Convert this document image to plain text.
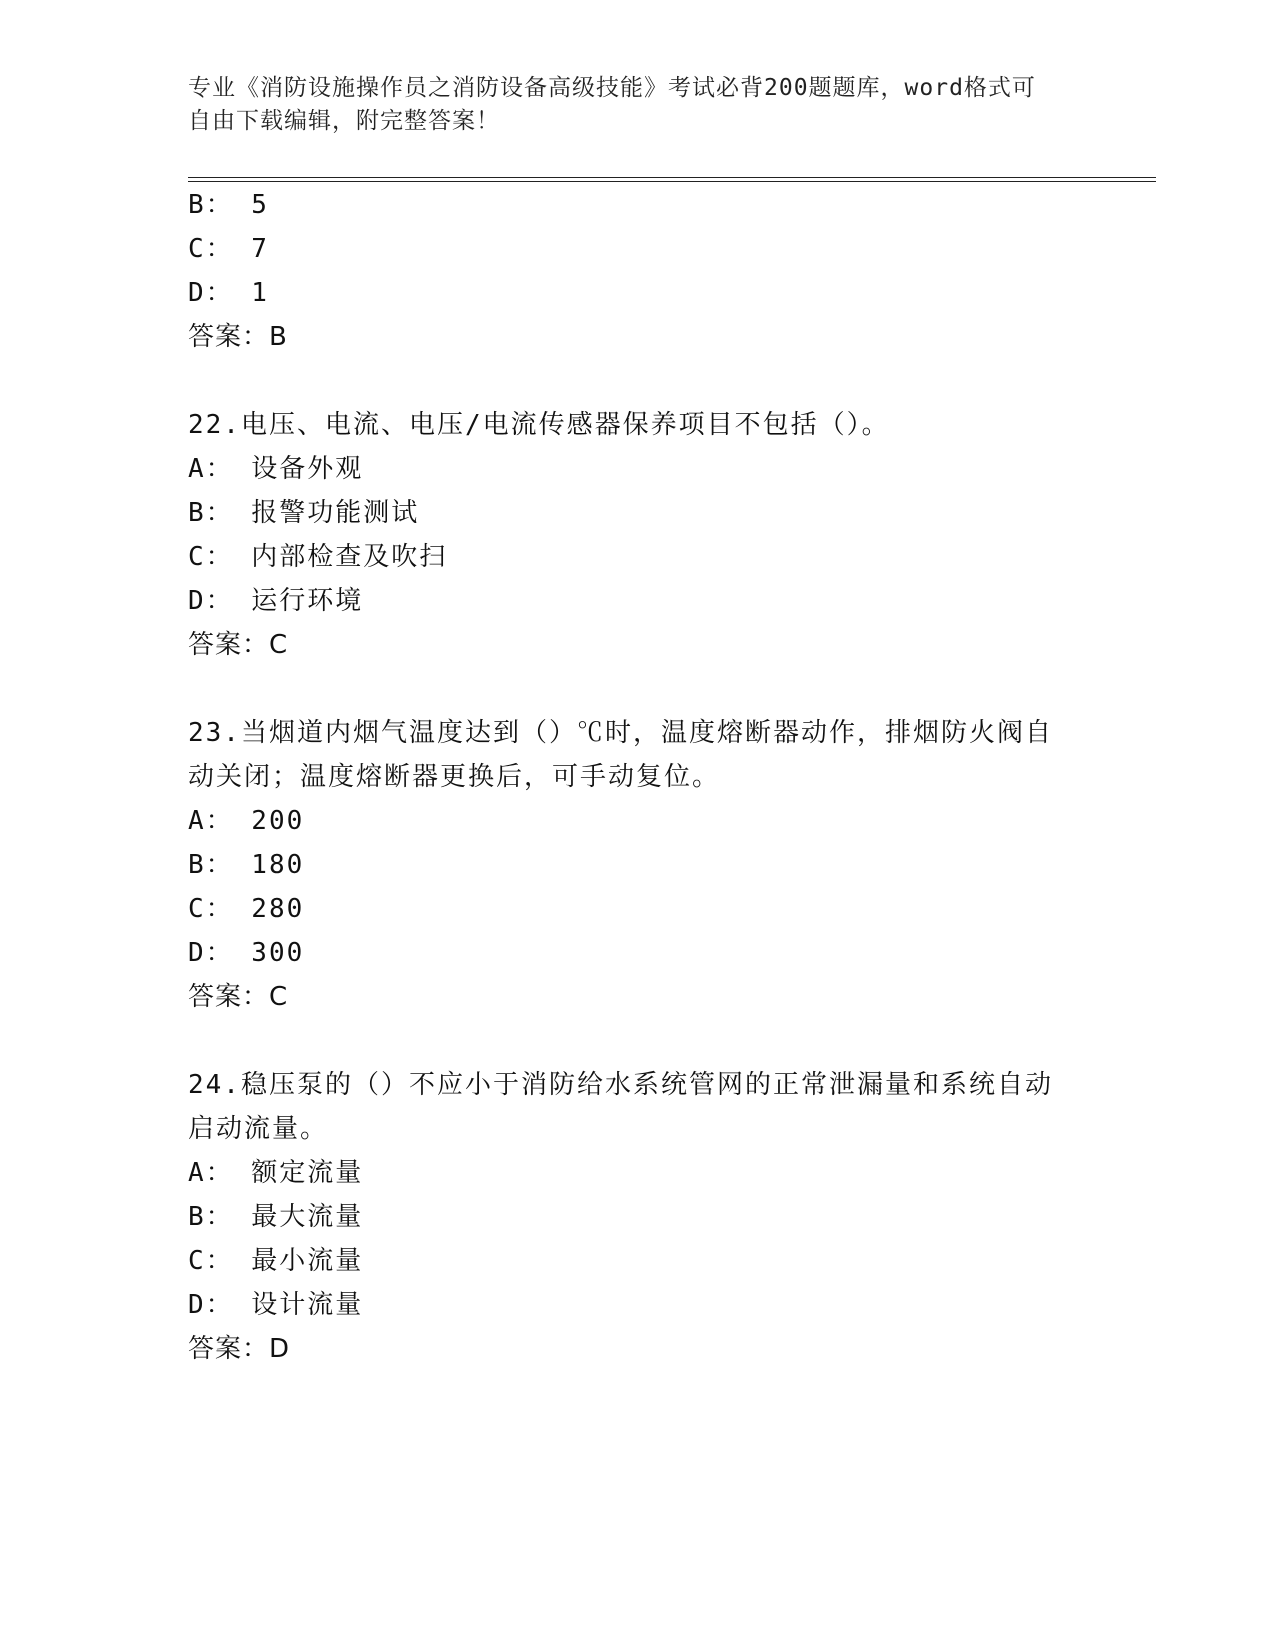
专业《消防设施操作员之消防设备高级技能》考试必背200题题库，word格式可
自由下载编辑，附完整答案！
B： 5
C： 7
D： 1
答案：B
22.电压、电流、电压/电流传感器保养项目不包括（）。
A： 设备外观
B： 报警功能测试
C： 内部检查及吹扫
D： 运行环境
答案：C
23.当烟道内烟气温度达到（）℃时，温度熔断器动作，排烟防火阀自
动关闭；温度熔断器更换后，可手动复位。
A： 200
B： 180
C： 280
D： 300
答案：C
24.稳压泵的（）不应小于消防给水系统管网的正常泄漏量和系统自动
启动流量。
A： 额定流量
B： 最大流量
C： 最小流量
D： 设计流量
答案：D
